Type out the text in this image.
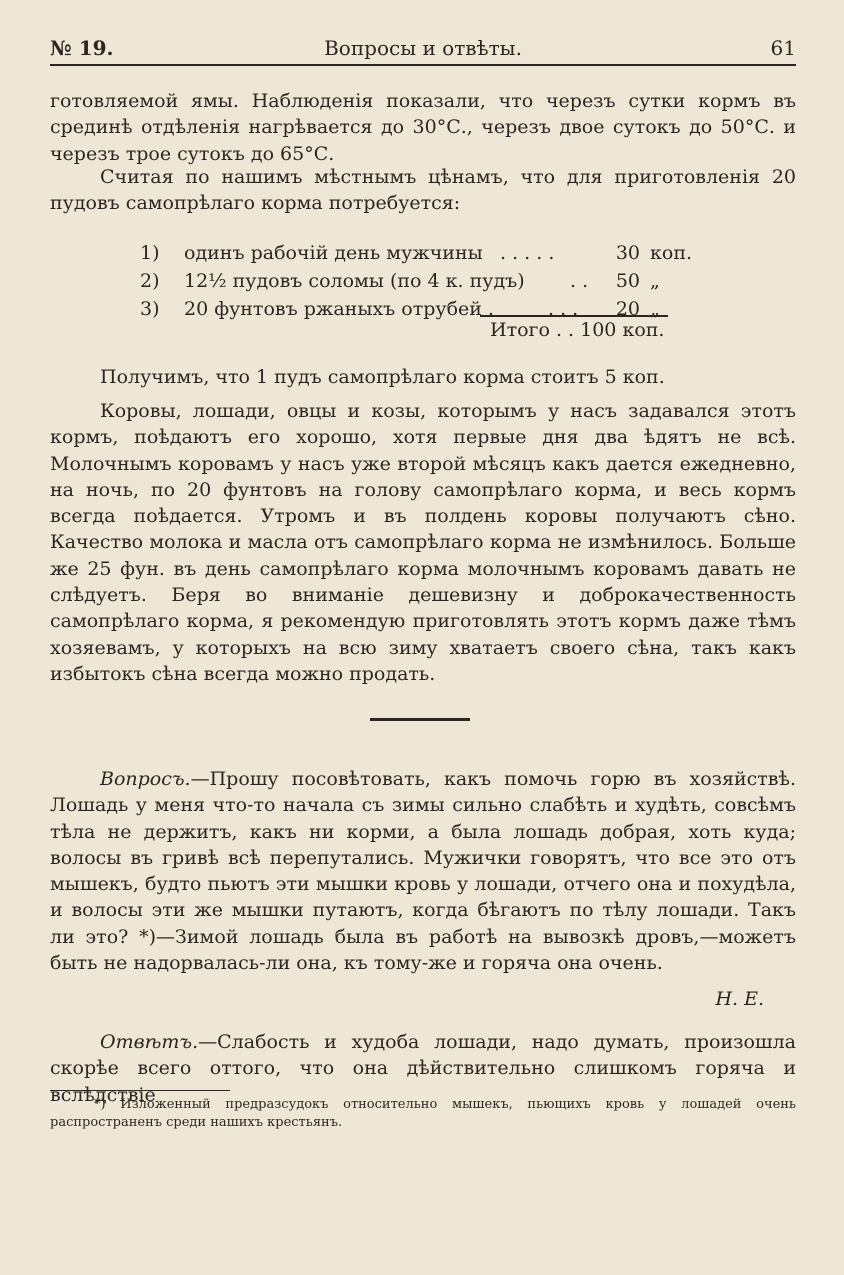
№ 19.	Вопросы и отвѣты.	61

готовляемой ямы. Наблюденія показали, что черезъ сутки кормъ въ срединѣ отдѣленія нагрѣвается до 30°С., черезъ двое сутокъ до 50°С. и черезъ трое сутокъ до 65°С.

Считая по нашимъ мѣстнымъ цѣнамъ, что для приготовленія 20 пудовъ самопрѣлаго корма потребуется:

1) одинъ рабочій день мужчины . . . . .	30 коп.
2) 12½ пудовъ соломы (по 4 к. пудъ) . . 50 „
3) 20 фунтовъ ржаныхъ отрубей .	. . . 20 „
Итого . . 100 коп.

Получимъ, что 1 пудъ самопрѣлаго корма стоитъ 5 коп.

Коровы, лошади, овцы и козы, которымъ у насъ задавался этотъ кормъ, поѣдаютъ его хорошо, хотя первые дня два ѣдятъ не всѣ. Молочнымъ коровамъ у насъ уже второй мѣсяцъ какъ дается ежедневно, на ночь, по 20 фунтовъ на голову самопрѣлаго корма, и весь кормъ всегда поѣдается. Утромъ и въ полдень коровы получаютъ сѣно. Качество молока и масла отъ самопрѣлаго корма не измѣнилось. Больше же 25 фун. въ день самопрѣлаго корма молочнымъ коровамъ давать не слѣдуетъ. Беря во вниманіе дешевизну и доброкачественность самопрѣлаго корма, я рекомендую приготовлять этотъ кормъ даже тѣмъ хозяевамъ, у которыхъ на всю зиму хватаетъ своего сѣна, такъ какъ избытокъ сѣна всегда можно продать.

Вопросъ.—Прошу посовѣтовать, какъ помочь горю въ хозяйствѣ. Лошадь у меня что-то начала съ зимы сильно слабѣть и худѣть, совсѣмъ тѣла не держитъ, какъ ни корми, а была лошадь добрая, хоть куда; волосы въ гривѣ всѣ перепутались. Мужички говорятъ, что все это отъ мышекъ, будто пьютъ эти мышки кровь у лошади, отчего она и похудѣла, и волосы эти же мышки путаютъ, когда бѣгаютъ по тѣлу лошади. Такъ ли это? *)—Зимой лошадь была въ работѣ на вывозкѣ дровъ,—можетъ быть не надорвалась-ли она, къ тому-же и горяча она очень.

Н. Е.

Отвѣтъ.—Слабость и худоба лошади, надо думать, произошла скорѣе всего оттого, что она дѣйствительно слишкомъ горяча и вслѣдствіе

*) Изложенный предразсудокъ относительно мышекъ, пьющихъ кровь у лошадей очень распространенъ среди нашихъ крестьянъ.
